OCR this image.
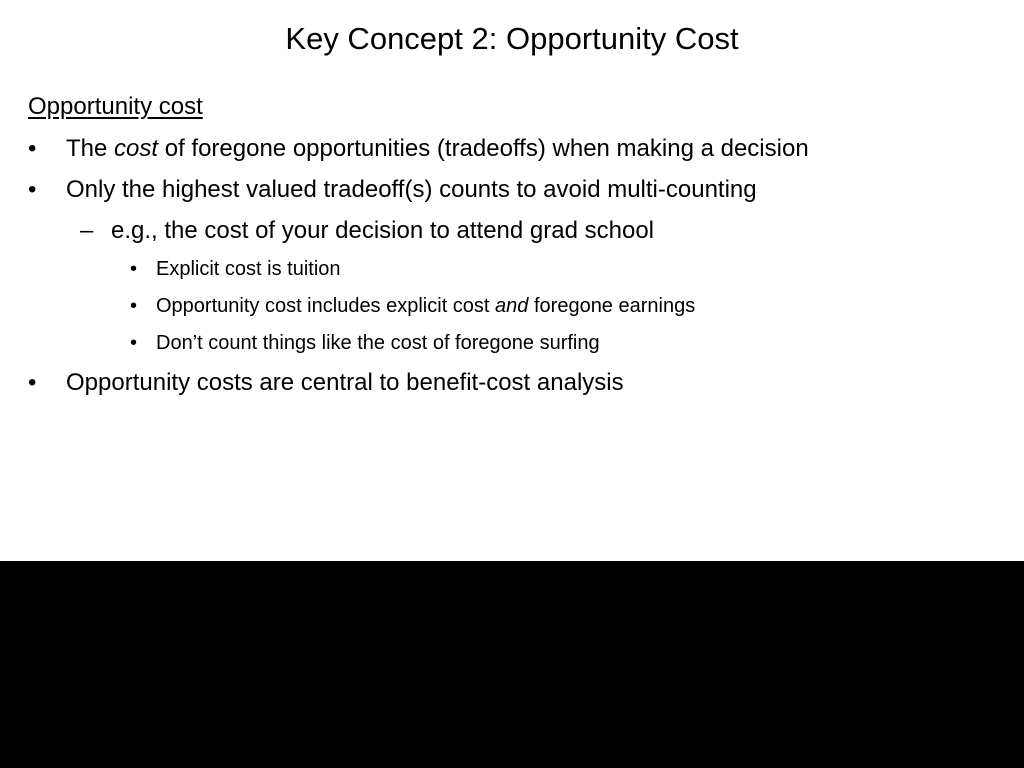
Key Concept 2: Opportunity Cost
Opportunity cost
• The cost of foregone opportunities (tradeoffs) when making a decision
• Only the highest valued tradeoff(s) counts to avoid multi-counting
– e.g., the cost of your decision to attend grad school
• Explicit cost is tuition
• Opportunity cost includes explicit cost and foregone earnings
• Don’t count things like the cost of foregone surfing
• Opportunity costs are central to benefit-cost analysis
